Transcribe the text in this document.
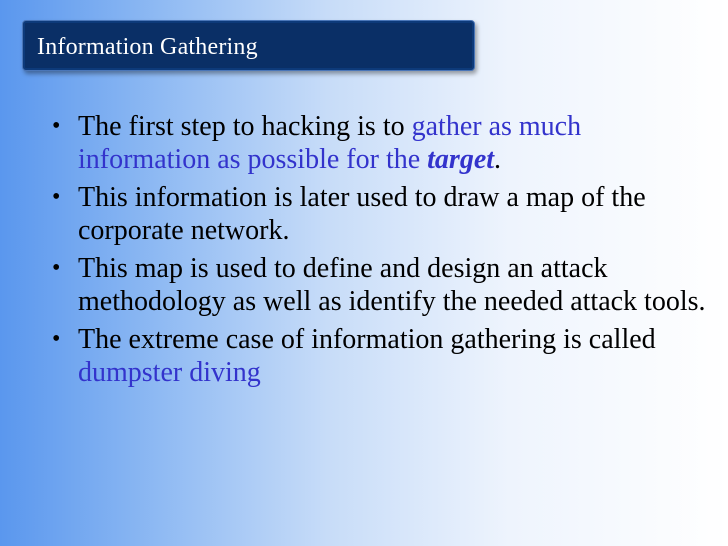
Information Gathering
• The first step to hacking is to gather as much information as possible for the target.
• This information is later used to draw a map of the corporate network.
• This map is used to define and design an attack methodology as well as identify the needed attack tools.
• The extreme case of information gathering is called dumpster diving
